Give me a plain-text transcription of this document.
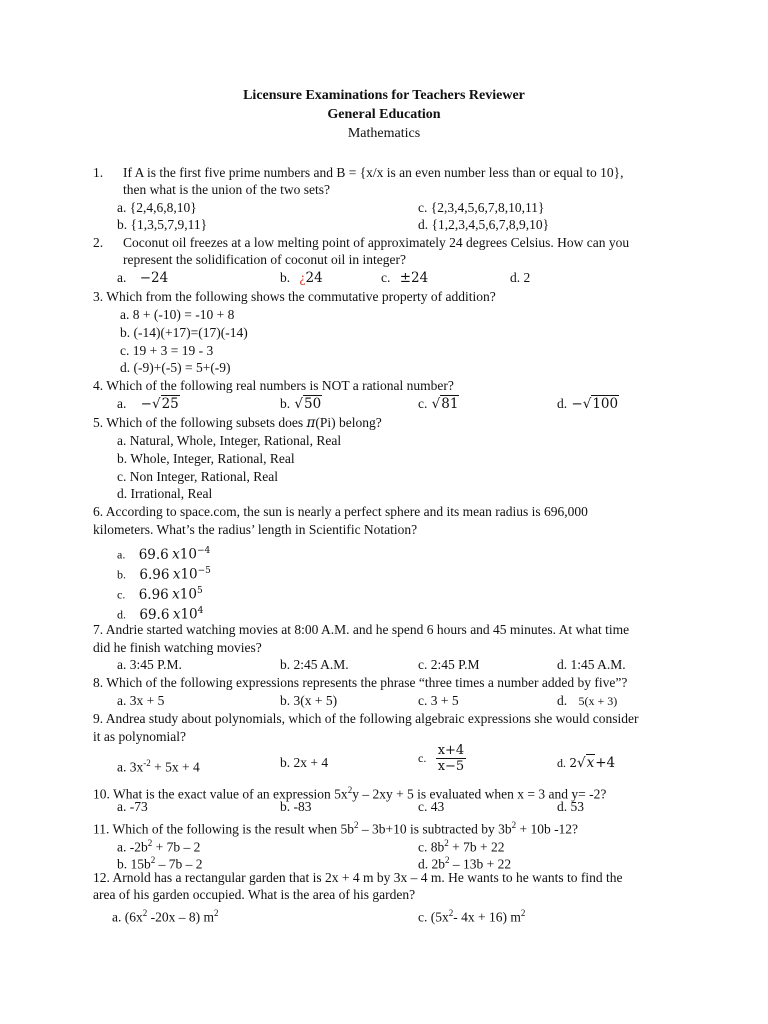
Licensure Examinations for Teachers Reviewer
General Education
Mathematics
1. If A is the first five prime numbers and B = {x/x is an even number less than or equal to 10},
then what is the union of the two sets?
a. {2,4,6,8,10}	c. {2,3,4,5,6,7,8,10,11}
b. {1,3,5,7,9,11}	d. {1,2,3,4,5,6,7,8,9,10}
2. Coconut oil freezes at a low melting point of approximately 24 degrees Celsius. How can you
represent the solidification of coconut oil in integer?
a. −24	b. ¿24	c. ±24	d. 2
3. Which from the following shows the commutative property of addition?
a. 8 + (-10) = -10 + 8
b. (-14)(+17)=(17)(-14)
c. 19 + 3 = 19 - 3
d. (-9)+(-5) = 5+(-9)
4. Which of the following real numbers is NOT a rational number?
a. −√25	b. √50	c. √81	d. −√100
5. Which of the following subsets does π(Pi) belong?
a. Natural, Whole, Integer, Rational, Real
b. Whole, Integer, Rational, Real
c. Non Integer, Rational, Real
d. Irrational, Real
6. According to space.com, the sun is nearly a perfect sphere and its mean radius is 696,000
kilometers. What’s the radius’ length in Scientific Notation?
a. 69.6 $x10^{-4}$
b. 6.96 $x10^{-5}$
c. 6.96 $x10^5$
d. 69.6 $x10^4$
7. Andrie started watching movies at 8:00 A.M. and he spend 6 hours and 45 minutes. At what time
did he finish watching movies?
a. 3:45 P.M.	b. 2:45 A.M.	c. 2:45 P.M	d. 1:45 A.M.
8. Which of the following expressions represents the phrase “three times a number added by five”?
a. 3x + 5	b. 3(x + 5)	c. 3 + 5	d. 5(x + 3)
9. Andrea study about polynomials, which of the following algebraic expressions she would consider
it as polynomial?
a. $3x^{-2} + 5x + 4$	b. 2x + 4	c. $\frac{x+4}{x-5}$	d. 2√x+4
10. What is the exact value of an expression $5x^2y - 2xy + 5$ is evaluated when x = 3 and y= -2?
a. -73	b. -83	c. 43	d. 53
11. Which of the following is the result when $5b^2 - 3b+10$ is subtracted by $3b^2 + 10b$ -12?
a. $-2b^2 + 7b - 2$	c. $8b^2 + 7b + 22$
b. $15b^2 - 7b - 2$	d. $2b^2 - 13b + 22$
12. Arnold has a rectangular garden that is 2x + 4 m by 3x – 4 m. He wants to he wants to find the
area of his garden occupied. What is the area of his garden?
a. ($6x^2$ -20x – 8) $m^2$	c. ($5x^2-$ 4x + 16) $m^2$
